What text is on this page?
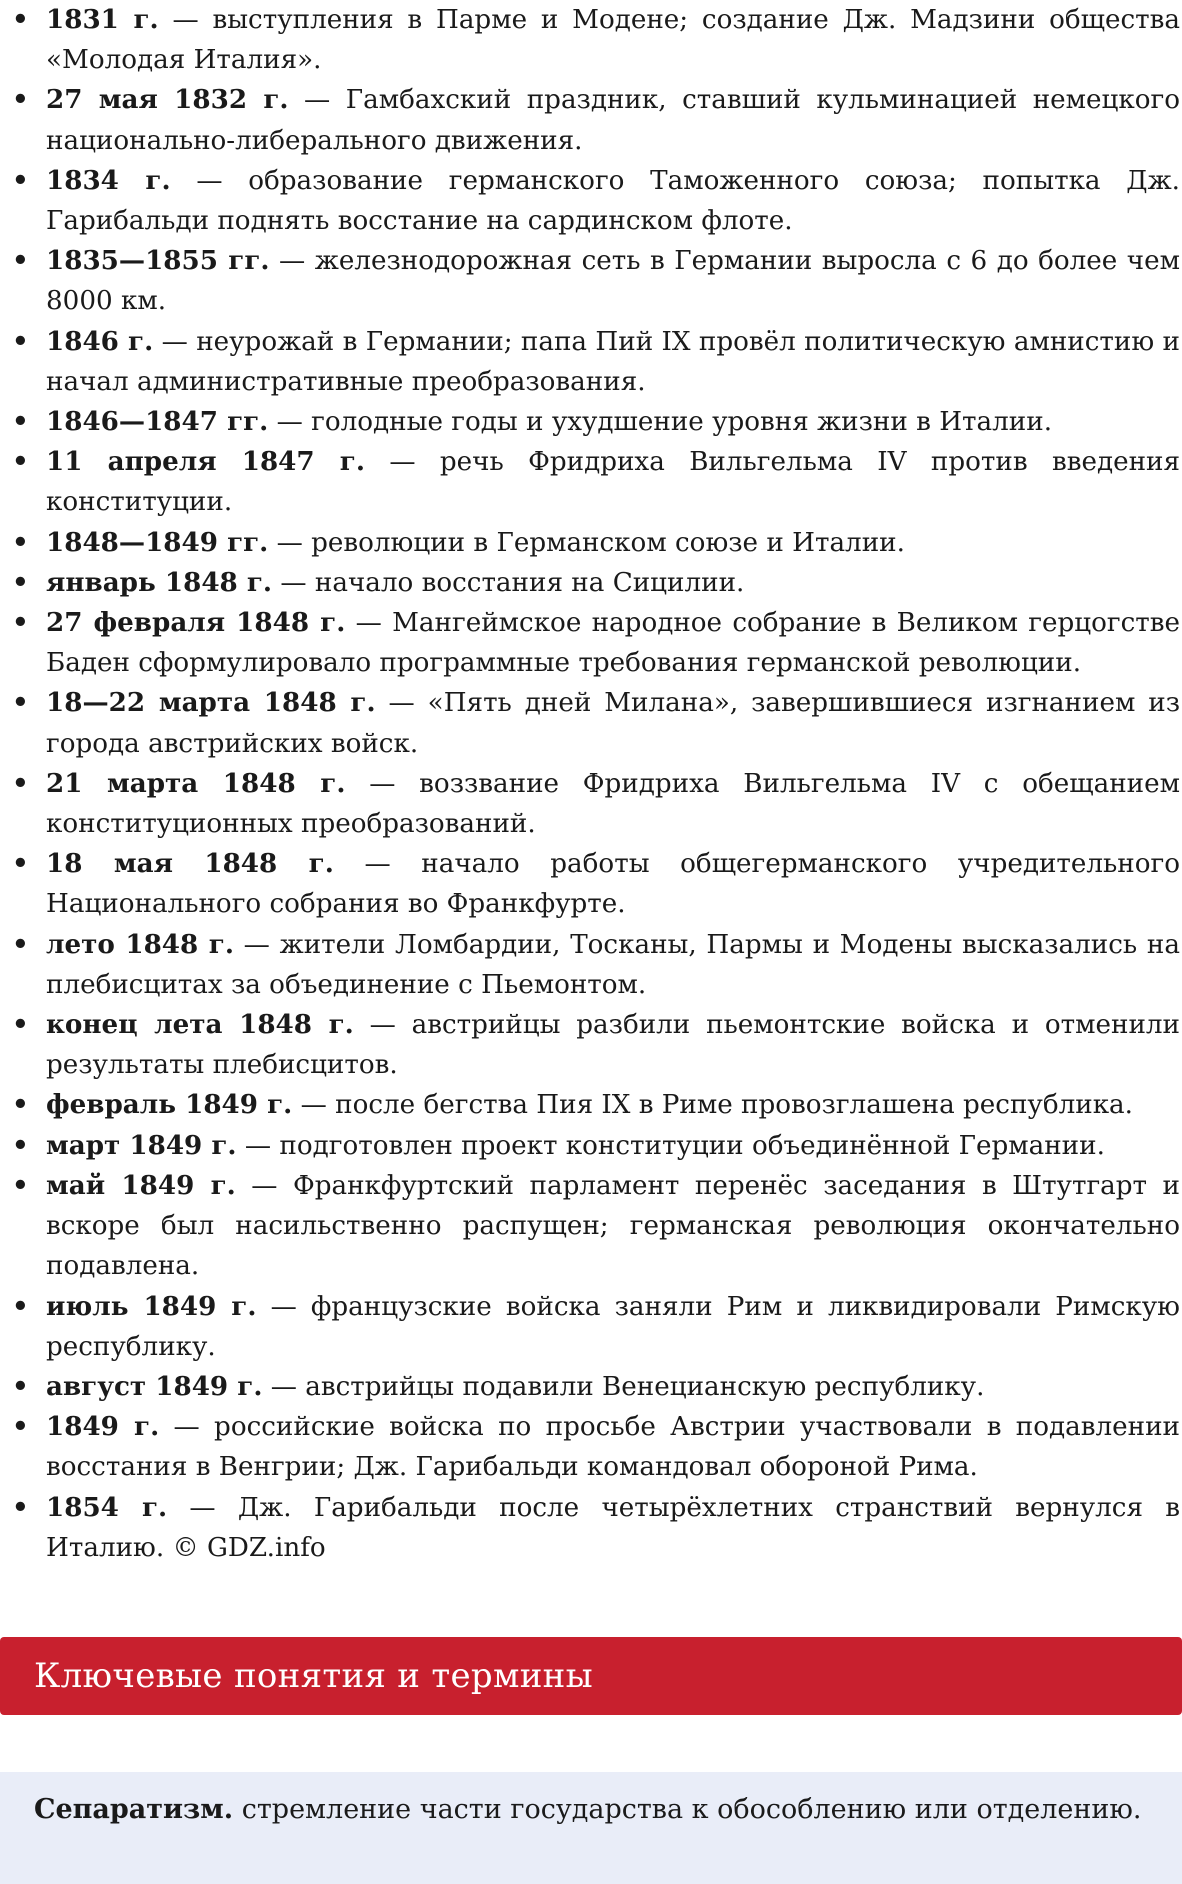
• 1831 г. — выступления в Парме и Модене; создание Дж. Мадзини общества «Молодая Италия».
• 27 мая 1832 г. — Гамбахский праздник, ставший кульминацией немецкого национально-либерального движения.
• 1834 г. — образование германского Таможенного союза; попытка Дж. Гарибальди поднять восстание на сардинском флоте.
• 1835—1855 гг. — железнодорожная сеть в Германии выросла с 6 до более чем 8000 км.
• 1846 г. — неурожай в Германии; папа Пий IX провёл политическую амнистию и начал административные преобразования.
• 1846—1847 гг. — голодные годы и ухудшение уровня жизни в Италии.
• 11 апреля 1847 г. — речь Фридриха Вильгельма IV против введения конституции.
• 1848—1849 гг. — революции в Германском союзе и Италии.
• январь 1848 г. — начало восстания на Сицилии.
• 27 февраля 1848 г. — Мангеймское народное собрание в Великом герцогстве Баден сформулировало программные требования германской революции.
• 18—22 марта 1848 г. — «Пять дней Милана», завершившиеся изгнанием из города австрийских войск.
• 21 марта 1848 г. — воззвание Фридриха Вильгельма IV с обещанием конституционных преобразований.
• 18 мая 1848 г. — начало работы общегерманского учредительного Национального собрания во Франкфурте.
• лето 1848 г. — жители Ломбардии, Тосканы, Пармы и Модены высказались на плебисцитах за объединение с Пьемонтом.
• конец лета 1848 г. — австрийцы разбили пьемонтские войска и отменили результаты плебисцитов.
• февраль 1849 г. — после бегства Пия IX в Риме провозглашена республика.
• март 1849 г. — подготовлен проект конституции объединённой Германии.
• май 1849 г. — Франкфуртский парламент перенёс заседания в Штутгарт и вскоре был насильственно распущен; германская революция окончательно подавлена.
• июль 1849 г. — французские войска заняли Рим и ликвидировали Римскую республику.
• август 1849 г. — австрийцы подавили Венецианскую республику.
• 1849 г. — российские войска по просьбе Австрии участвовали в подавлении восстания в Венгрии; Дж. Гарибальди командовал обороной Рима.
• 1854 г. — Дж. Гарибальди после четырёхлетних странствий вернулся в Италию. © GDZ.info
Ключевые понятия и термины
Сепаратизм. стремление части государства к обособлению или отделению.
